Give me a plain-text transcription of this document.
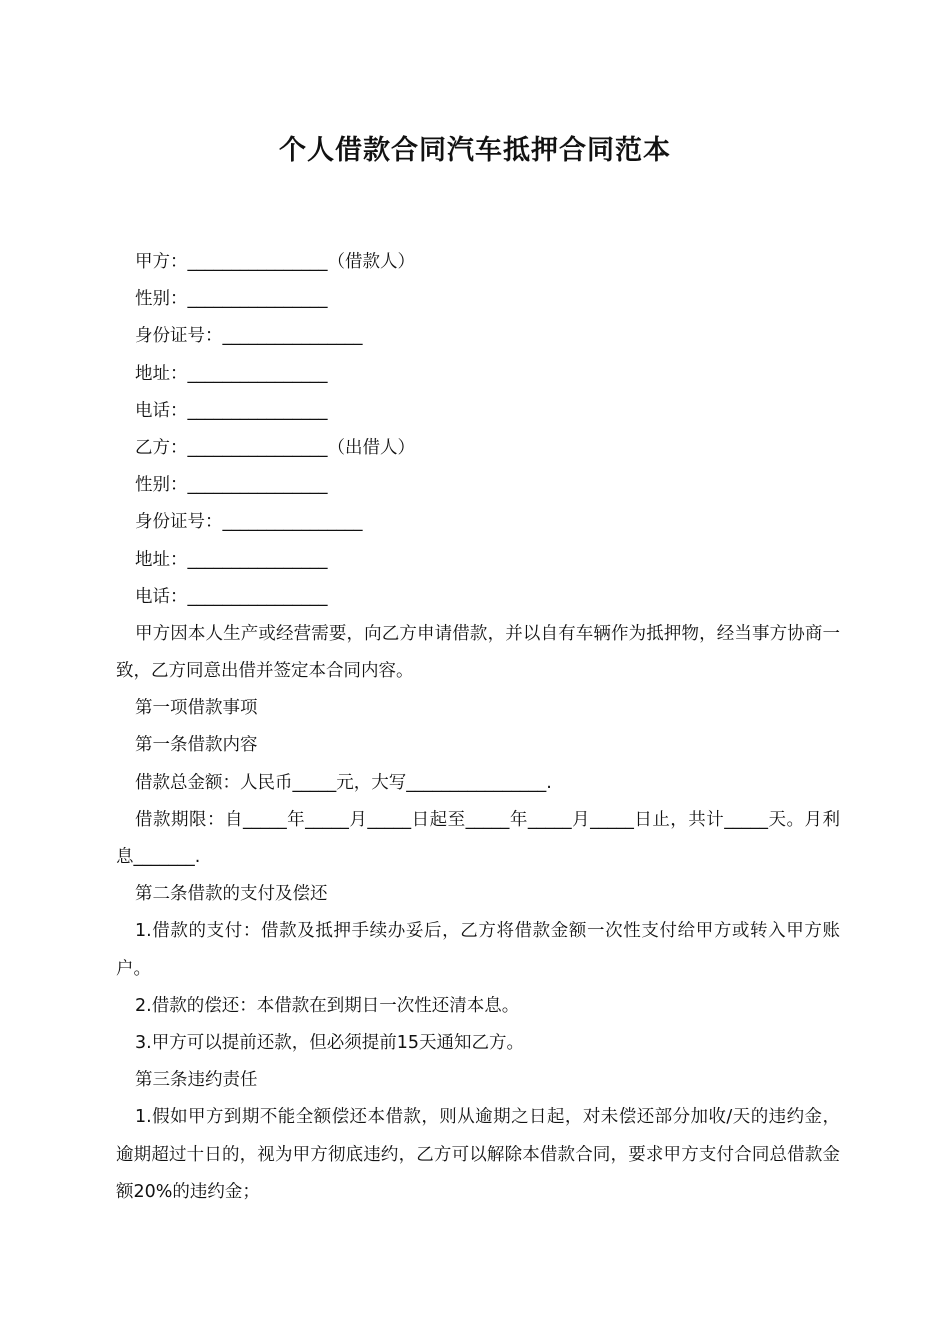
个人借款合同汽车抵押合同范本
甲方：________________（借款人）
性别：________________
身份证号：________________
地址：________________
电话：________________
乙方：________________（出借人）
性别：________________
身份证号：________________
地址：________________
电话：________________

甲方因本人生产或经营需要，向乙方申请借款，并以自有车辆作为抵押物，经当事方协商一致，乙方同意出借并签定本合同内容。

第一项借款事项
第一条借款内容
借款总金额：人民币_____元，大写________________.

借款期限：自_____年_____月_____日起至_____年_____月_____日止，共计_____天。月利息_______.

第二条借款的支付及偿还

1.借款的支付：借款及抵押手续办妥后，乙方将借款金额一次性支付给甲方或转入甲方账户。

2.借款的偿还：本借款在到期日一次性还清本息。
3.甲方可以提前还款，但必须提前15天通知乙方。
第三条违约责任

1.假如甲方到期不能全额偿还本借款，则从逾期之日起，对未偿还部分加收/天的违约金，逾期超过十日的，视为甲方彻底违约，乙方可以解除本借款合同，要求甲方支付合同总借款金额20%的违约金；
